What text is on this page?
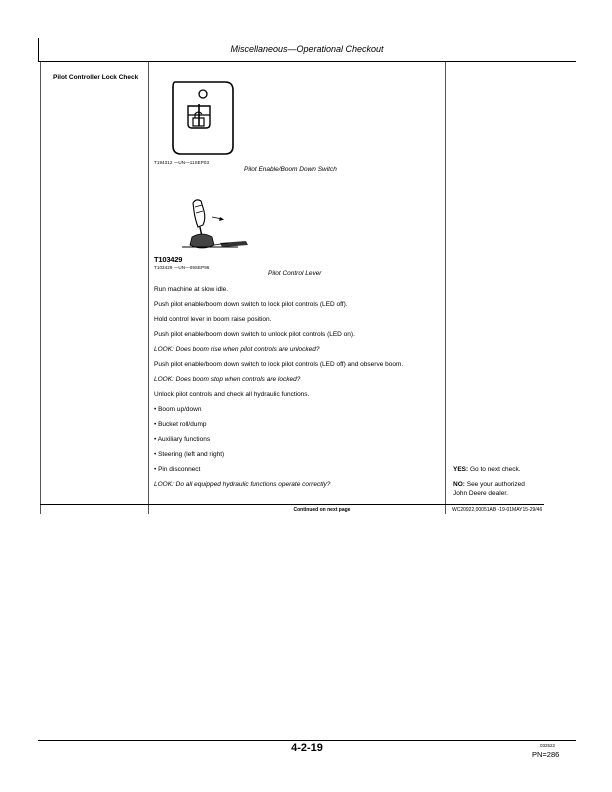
Miscellaneous—Operational Checkout
Pilot Controller Lock Check
T194312 —UN—11SEP03
Pilot Enable/Boom Down Switch
T103429
T103429 —UN—09SEP96
Pilot Control Lever
Run machine at slow idle.
Push pilot enable/boom down switch to lock pilot controls (LED off).
Hold control lever in boom raise position.
Push pilot enable/boom down switch to unlock pilot controls (LED on).
LOOK: Does boom rise when pilot controls are unlocked?
Push pilot enable/boom down switch to lock pilot controls (LED off) and observe boom.
LOOK: Does boom stop when controls are locked?
Unlock pilot controls and check all hydraulic functions.
• Boom up/down
• Bucket roll/dump
• Auxiliary functions
• Steering (left and right)
• Pin disconnect
LOOK: Do all equipped hydraulic functions operate correctly?
YES: Go to next check.
NO: See your authorized
John Deere dealer.
Continued on next page	WC20922,00051AB -19-01MAY15-29/46
4-2-19	032522
PN=286
